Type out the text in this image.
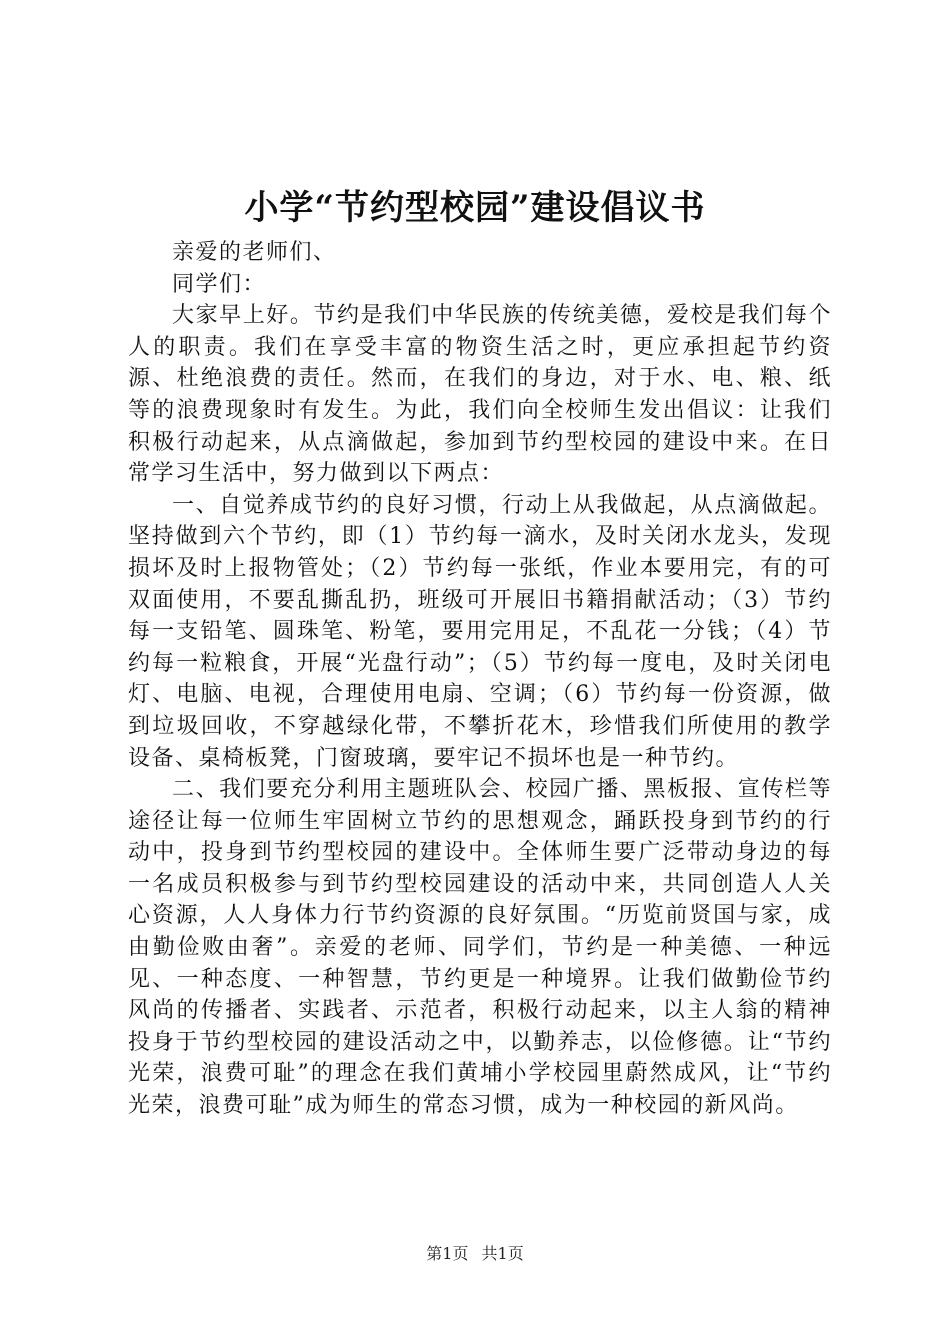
小学“节约型校园”建设倡议书

亲爱的老师们、

同学们：

大家早上好。节约是我们中华民族的传统美德，爱校是我们每个人的职责。我们在享受丰富的物资生活之时，更应承担起节约资源、杜绝浪费的责任。然而，在我们的身边，对于水、电、粮、纸等的浪费现象时有发生。为此，我们向全校师生发出倡议：让我们积极行动起来，从点滴做起，参加到节约型校园的建设中来。在日常学习生活中，努力做到以下两点：

一、自觉养成节约的良好习惯，行动上从我做起，从点滴做起。坚持做到六个节约，即（1）节约每一滴水，及时关闭水龙头，发现损坏及时上报物管处；（2）节约每一张纸，作业本要用完，有的可双面使用，不要乱撕乱扔，班级可开展旧书籍捐献活动；（3）节约每一支铅笔、圆珠笔、粉笔，要用完用足，不乱花一分钱；（4）节约每一粒粮食，开展“光盘行动”；（5）节约每一度电，及时关闭电灯、电脑、电视，合理使用电扇、空调；（6）节约每一份资源，做到垃圾回收，不穿越绿化带，不攀折花木，珍惜我们所使用的教学设备、桌椅板凳，门窗玻璃，要牢记不损坏也是一种节约。

二、我们要充分利用主题班队会、校园广播、黑板报、宣传栏等途径让每一位师生牢固树立节约的思想观念，踊跃投身到节约的行动中，投身到节约型校园的建设中。全体师生要广泛带动身边的每一名成员积极参与到节约型校园建设的活动中来，共同创造人人关心资源，人人身体力行节约资源的良好氛围。“历览前贤国与家，成由勤俭败由奢”。亲爱的老师、同学们，节约是一种美德、一种远见、一种态度、一种智慧，节约更是一种境界。让我们做勤俭节约风尚的传播者、实践者、示范者，积极行动起来，以主人翁的精神投身于节约型校园的建设活动之中，以勤养志，以俭修德。让“节约光荣，浪费可耻”的理念在我们黄埔小学校园里蔚然成风，让“节约光荣，浪费可耻”成为师生的常态习惯，成为一种校园的新风尚。

第1页 共1页
